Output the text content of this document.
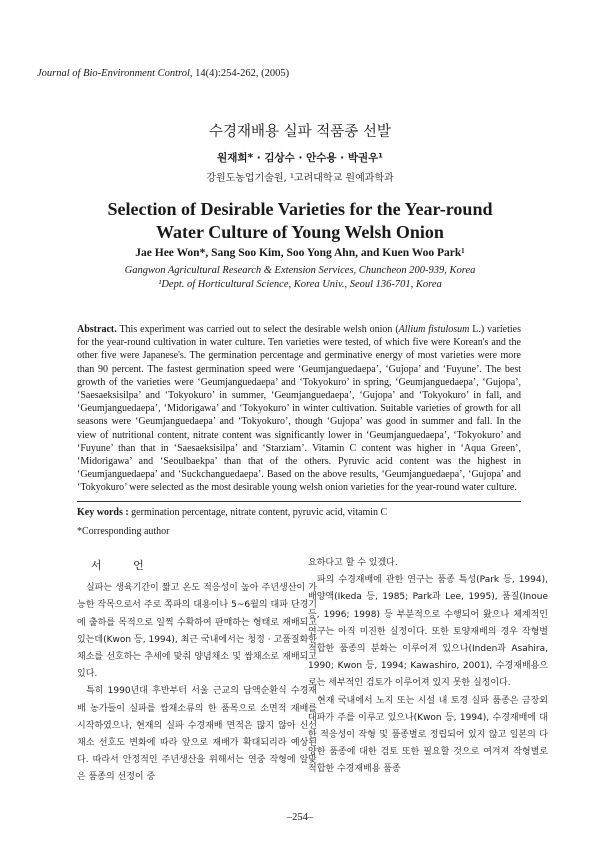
Journal of Bio-Environment Control, 14(4):254-262, (2005)
수경재배용 실파 적품종 선발
원재희* · 김상수 · 안수용 · 박권우¹
강원도농업기술원, ¹고려대학교 원예과학과
Selection of Desirable Varieties for the Year-round
Water Culture of Young Welsh Onion
Jae Hee Won*, Sang Soo Kim, Soo Yong Ahn, and Kuen Woo Park¹
Gangwon Agricultural Research & Extension Services, Chuncheon 200-939, Korea
¹Dept. of Horticultural Science, Korea Univ., Seoul 136-701, Korea

Abstract. This experiment was carried out to select the desirable welsh onion (Allium fistulosum L.) varieties for the year-round cultivation in water culture. Ten varieties were tested, of which five were Korean's and the other five were Japanese's. The germination percentage and germinative energy of most varieties were more than 90 percent. The fastest germination speed were ‘Geumjanguedaepa’, ‘Gujopa’ and ‘Fuyune’. The best growth of the varieties were ‘Geumjanguedaepa’ and ‘Tokyokuro’ in spring, ‘Geumjanguedaepa’, ‘Gujopa’, ‘Saesaeksisilpa’ and ‘Tokyokuro’ in summer, ‘Geumjanguedaepa’, ‘Gujopa’ and ‘Tokyokuro’ in fall, and ‘Geumjanguedaepa’, ‘Midorigawa’ and ‘Tokyokuro’ in winter cultivation. Suitable varieties of growth for all seasons were ‘Geumjanguedaepa’ and ‘Tokyokuro’, though ‘Gujopa’ was good in summer and fall. In the view of nutritional content, nitrate content was significantly lower in ‘Geumjanguedaepa’, ‘Tokyokuro’ and ‘Fuyune’ than that in ‘Saesaeksisilpa’ and ‘Starziam’. Vitamin C content was higher in ‘Aqua Green’, ‘Midorigawa’ and ‘Seoulbaekpa’ than that of the others. Pyruvic acid content was the highest in ‘Geumjanguedaepa’ and ‘Suckchanguedaepa’. Based on the above results, ‘Geumjanguedaepa’, ‘Gujopa’ and ‘Tokyokuro’ were selected as the most desirable young welsh onion varieties for the year-round water culture.

Key words : germination percentage, nitrate content, pyruvic acid, vitamin C
*Corresponding author
서 언

실파는 생육기간이 짧고 온도 적응성이 높아 주년생산이 가능한 작목으로서 주로 쪽파의 대용이나 5~6월의 대파 단경기에 출하를 목적으로 일찍 수확하여 판매하는 형태로 재배되고 있는데(Kwon 등, 1994), 최근 국내에서는 청정 · 고품질화한 채소를 선호하는 추세에 맞춰 양념채소 및 쌈채소로 재배되고 있다.

특히 1990년대 후반부터 서울 근교의 담액순환식 수경재배 농가들이 실파를 쌈채소류의 한 품목으로 소면적 재배를 시작하였으나, 현재의 실파 수경재배 면적은 많지 않아 신선채소 선호도 변화에 따라 앞으로 재배가 확대되리라 예상된다. 따라서 안정적인 주년생산을 위해서는 연중 작형에 알맞은 품종의 선정이 중

요하다고 할 수 있겠다.

파의 수경재배에 관한 연구는 품종 특성(Park 등, 1994), 배양액(Ikeda 등, 1985; Park과 Lee, 1995), 품질(Inoue 등, 1996; 1998) 등 부분적으로 수행되어 왔으나 체계적인 연구는 아직 미진한 실정이다. 또한 토양재배의 경우 작형별 적합한 품종의 분화는 이루어져 있으나(Inden과 Asahira, 1990; Kwon 등, 1994; Kawashiro, 2001), 수경재배용으로는 세부적인 검토가 이루어져 있지 못한 실정이다.

현재 국내에서 노지 또는 시설 내 토경 실파 품종은 금장외대파가 주를 이루고 있으나(Kwon 등, 1994), 수경재배에 대한 적응성이 작형 및 품종별로 정립되어 있지 않고 일본의 다양한 품종에 대한 검토 또한 필요할 것으로 여겨져 작형별로 적합한 수경재배용 품종

–254–
